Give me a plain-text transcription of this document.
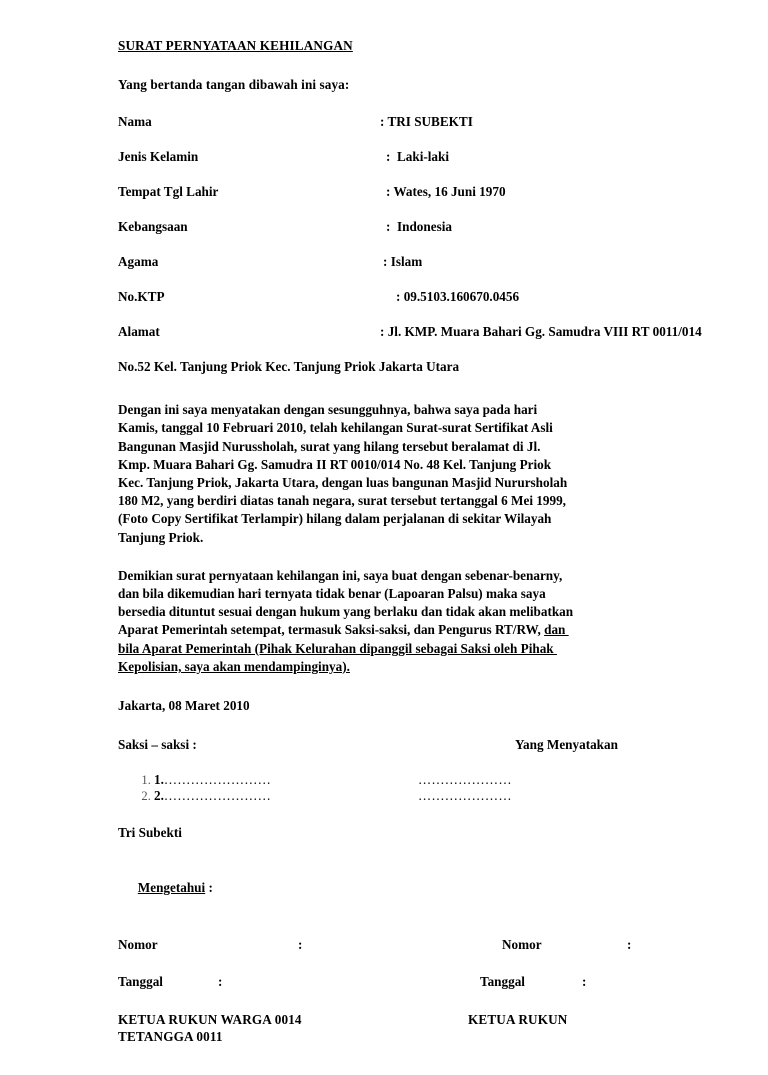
SURAT PERNYATAAN KEHILANGAN
Yang bertanda tangan dibawah ini saya:
Nama	: TRI SUBEKTI
Jenis Kelamin	:  Laki-laki
Tempat Tgl Lahir	: Wates, 16 Juni 1970
Kebangsaan	:  Indonesia
Agama	: Islam
No.KTP	: 09.5103.160670.0456
Alamat	: Jl. KMP. Muara Bahari Gg. Samudra VIII RT 0011/014
No.52 Kel. Tanjung Priok Kec. Tanjung Priok Jakarta Utara
Dengan ini saya menyatakan dengan sesungguhnya, bahwa saya pada hari
Kamis, tanggal 10 Februari 2010, telah kehilangan Surat-surat Sertifikat Asli
Bangunan Masjid Nurussholah, surat yang hilang tersebut beralamat di Jl.
Kmp. Muara Bahari Gg. Samudra II RT 0010/014 No. 48 Kel. Tanjung Priok
Kec. Tanjung Priok, Jakarta Utara, dengan luas bangunan Masjid Nurursholah
180 M2, yang berdiri diatas tanah negara, surat tersebut tertanggal 6 Mei 1999,
(Foto Copy Sertifikat Terlampir) hilang dalam perjalanan di sekitar Wilayah
Tanjung Priok.
Demikian surat pernyataan kehilangan ini, saya buat dengan sebenar-benarny,
dan bila dikemudian hari ternyata tidak benar (Lapoaran Palsu) maka saya
bersedia dituntut sesuai dengan hukum yang berlaku dan tidak akan melibatkan
Aparat Pemerintah setempat, termasuk Saksi-saksi, dan Pengurus RT/RW, dan
bila Aparat Pemerintah (Pihak Kelurahan dipanggil sebagai Saksi oleh Pihak
Kepolisian, saya akan mendampinginya).
Jakarta, 08 Maret 2010

Saksi – saksi :

	Yang Menyatakan

1. 1.……………………	…………………
2. 2.……………………	…………………
Tri Subekti

Mengetahui :

Nomor	:	Nomor	:
Tanggal	:	Tanggal	:

KETUA RUKUN WARGA 0014
TETANGGA 0011

KETUA RUKUN
